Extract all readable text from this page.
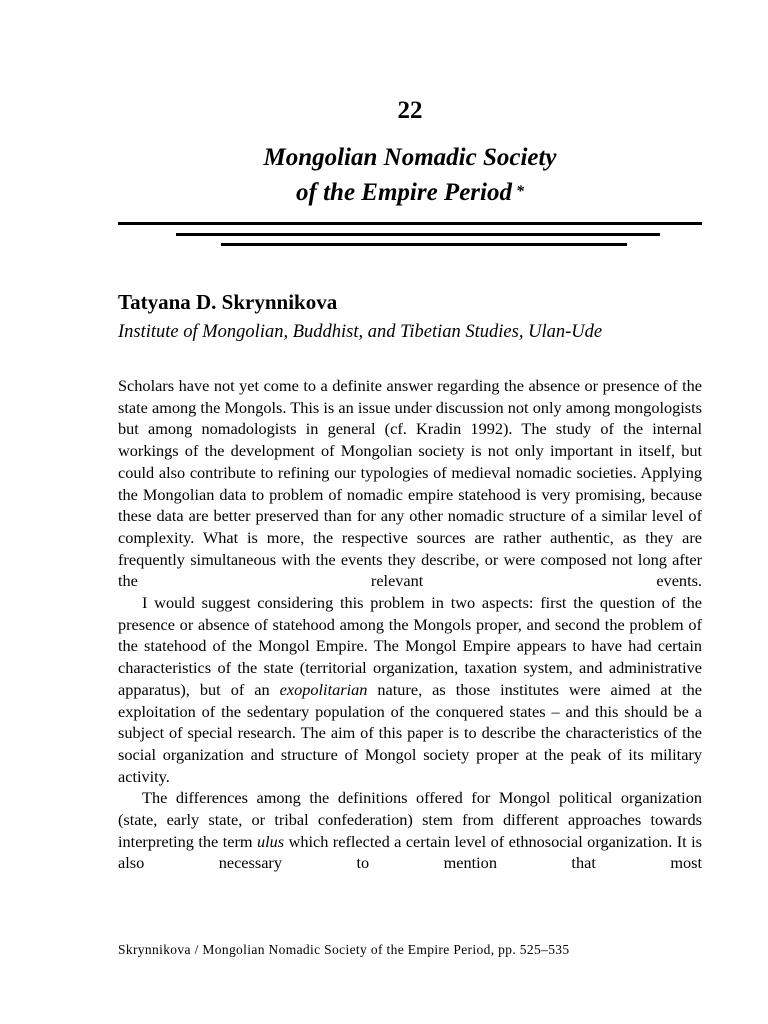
22
Mongolian Nomadic Society
of the Empire Period *
Tatyana D. Skrynnikova
Institute of Mongolian, Buddhist, and Tibetian Studies, Ulan-Ude

Scholars have not yet come to a definite answer regarding the absence or presence of the state among the Mongols. This is an issue under discussion not only among mongologists but among nomadologists in general (cf. Kradin 1992). The study of the internal workings of the development of Mongolian society is not only important in itself, but could also contribute to refining our typologies of medieval nomadic societies. Applying the Mongolian data to problem of nomadic empire statehood is very promising, because these data are better preserved than for any other nomadic structure of a similar level of complexity. What is more, the respective sources are rather authentic, as they are frequently simultaneous with the events they describe, or were composed not long after the relevant events.

I would suggest considering this problem in two aspects: first the question of the presence or absence of statehood among the Mongols proper, and second the problem of the statehood of the Mongol Empire. The Mongol Empire appears to have had certain characteristics of the state (territorial organization, taxation system, and administrative apparatus), but of an exopolitarian nature, as those institutes were aimed at the exploitation of the sedentary population of the conquered states – and this should be a subject of special research. The aim of this paper is to describe the characteristics of the social organization and structure of Mongol society proper at the peak of its military activity.

The differences among the definitions offered for Mongol political organization (state, early state, or tribal confederation) stem from different approaches towards interpreting the term ulus which reflected a certain level of ethnosocial organization. It is also necessary to mention that most

Skrynnikova / Mongolian Nomadic Society of the Empire Period, pp. 525–535
